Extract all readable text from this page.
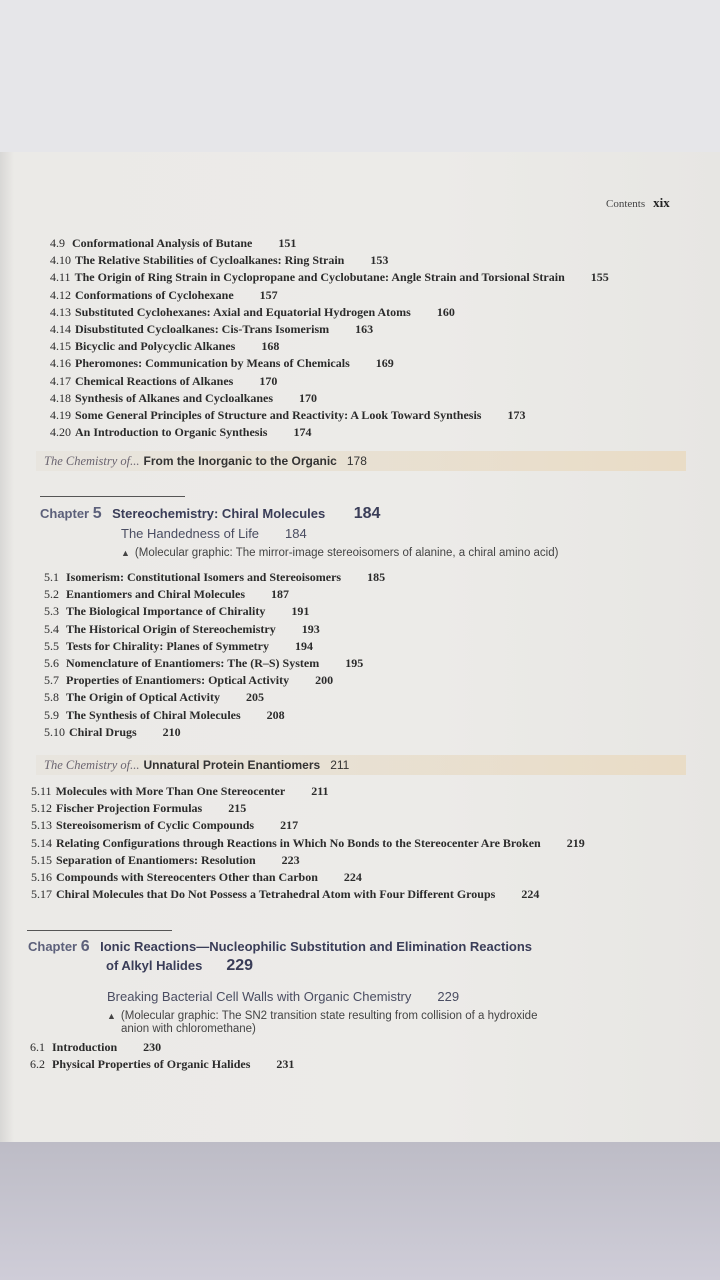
Contents xix
4.9 Conformational Analysis of Butane 151
4.10 The Relative Stabilities of Cycloalkanes: Ring Strain 153
4.11 The Origin of Ring Strain in Cyclopropane and Cyclobutane: Angle Strain and Torsional Strain 155
4.12 Conformations of Cyclohexane 157
4.13 Substituted Cyclohexanes: Axial and Equatorial Hydrogen Atoms 160
4.14 Disubstituted Cycloalkanes: Cis-Trans Isomerism 163
4.15 Bicyclic and Polycyclic Alkanes 168
4.16 Pheromones: Communication by Means of Chemicals 169
4.17 Chemical Reactions of Alkanes 170
4.18 Synthesis of Alkanes and Cycloalkanes 170
4.19 Some General Principles of Structure and Reactivity: A Look Toward Synthesis 173
4.20 An Introduction to Organic Synthesis 174
The Chemistry of... From the Inorganic to the Organic 178
Chapter 5 Stereochemistry: Chiral Molecules 184
The Handedness of Life 184
▲ (Molecular graphic: The mirror-image stereoisomers of alanine, a chiral amino acid)
5.1 Isomerism: Constitutional Isomers and Stereoisomers 185
5.2 Enantiomers and Chiral Molecules 187
5.3 The Biological Importance of Chirality 191
5.4 The Historical Origin of Stereochemistry 193
5.5 Tests for Chirality: Planes of Symmetry 194
5.6 Nomenclature of Enantiomers: The (R–S) System 195
5.7 Properties of Enantiomers: Optical Activity 200
5.8 The Origin of Optical Activity 205
5.9 The Synthesis of Chiral Molecules 208
5.10 Chiral Drugs 210
The Chemistry of... Unnatural Protein Enantiomers 211
5.11 Molecules with More Than One Stereocenter 211
5.12 Fischer Projection Formulas 215
5.13 Stereoisomerism of Cyclic Compounds 217
5.14 Relating Configurations through Reactions in Which No Bonds to the Stereocenter Are Broken 219
5.15 Separation of Enantiomers: Resolution 223
5.16 Compounds with Stereocenters Other than Carbon 224
5.17 Chiral Molecules that Do Not Possess a Tetrahedral Atom with Four Different Groups 224
Chapter 6 Ionic Reactions—Nucleophilic Substitution and Elimination Reactions
of Alkyl Halides 229
Breaking Bacterial Cell Walls with Organic Chemistry 229
▲ (Molecular graphic: The SN2 transition state resulting from collision of a hydroxide
anion with chloromethane)
6.1 Introduction 230
6.2 Physical Properties of Organic Halides 231
